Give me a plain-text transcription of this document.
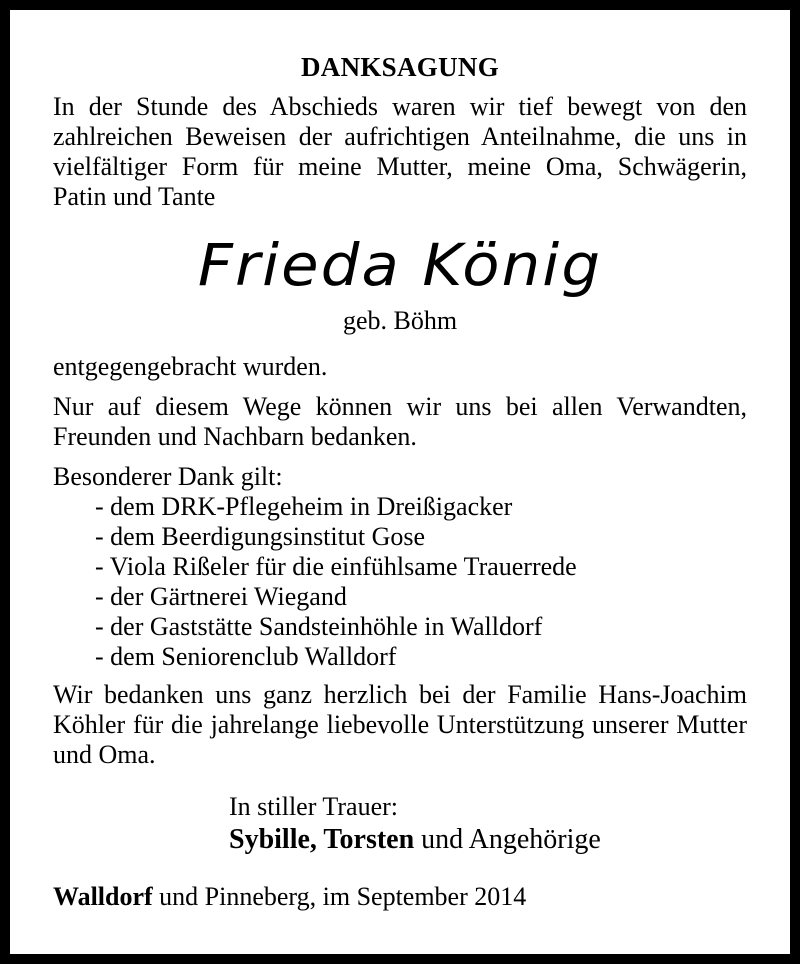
DANKSAGUNG

In der Stunde des Abschieds waren wir tief bewegt von den zahlreichen Beweisen der aufrichtigen Anteilnahme, die uns in vielfältiger Form für meine Mutter, meine Oma, Schwägerin, Patin und Tante

Frieda König
geb. Böhm

entgegengebracht wurden.

Nur auf diesem Wege können wir uns bei allen Verwandten, Freunden und Nachbarn bedanken.

Besonderer Dank gilt:
- dem DRK-Pflegeheim in Dreißigacker
- dem Beerdigungsinstitut Gose
- Viola Rißeler für die einfühlsame Trauerrede
- der Gärtnerei Wiegand
- der Gaststätte Sandsteinhöhle in Walldorf
- dem Seniorenclub Walldorf

Wir bedanken uns ganz herzlich bei der Familie Hans-Joachim Köhler für die jahrelange liebevolle Unterstützung unserer Mutter und Oma.

In stiller Trauer:
Sybille, Torsten und Angehörige
Walldorf und Pinneberg, im September 2014
